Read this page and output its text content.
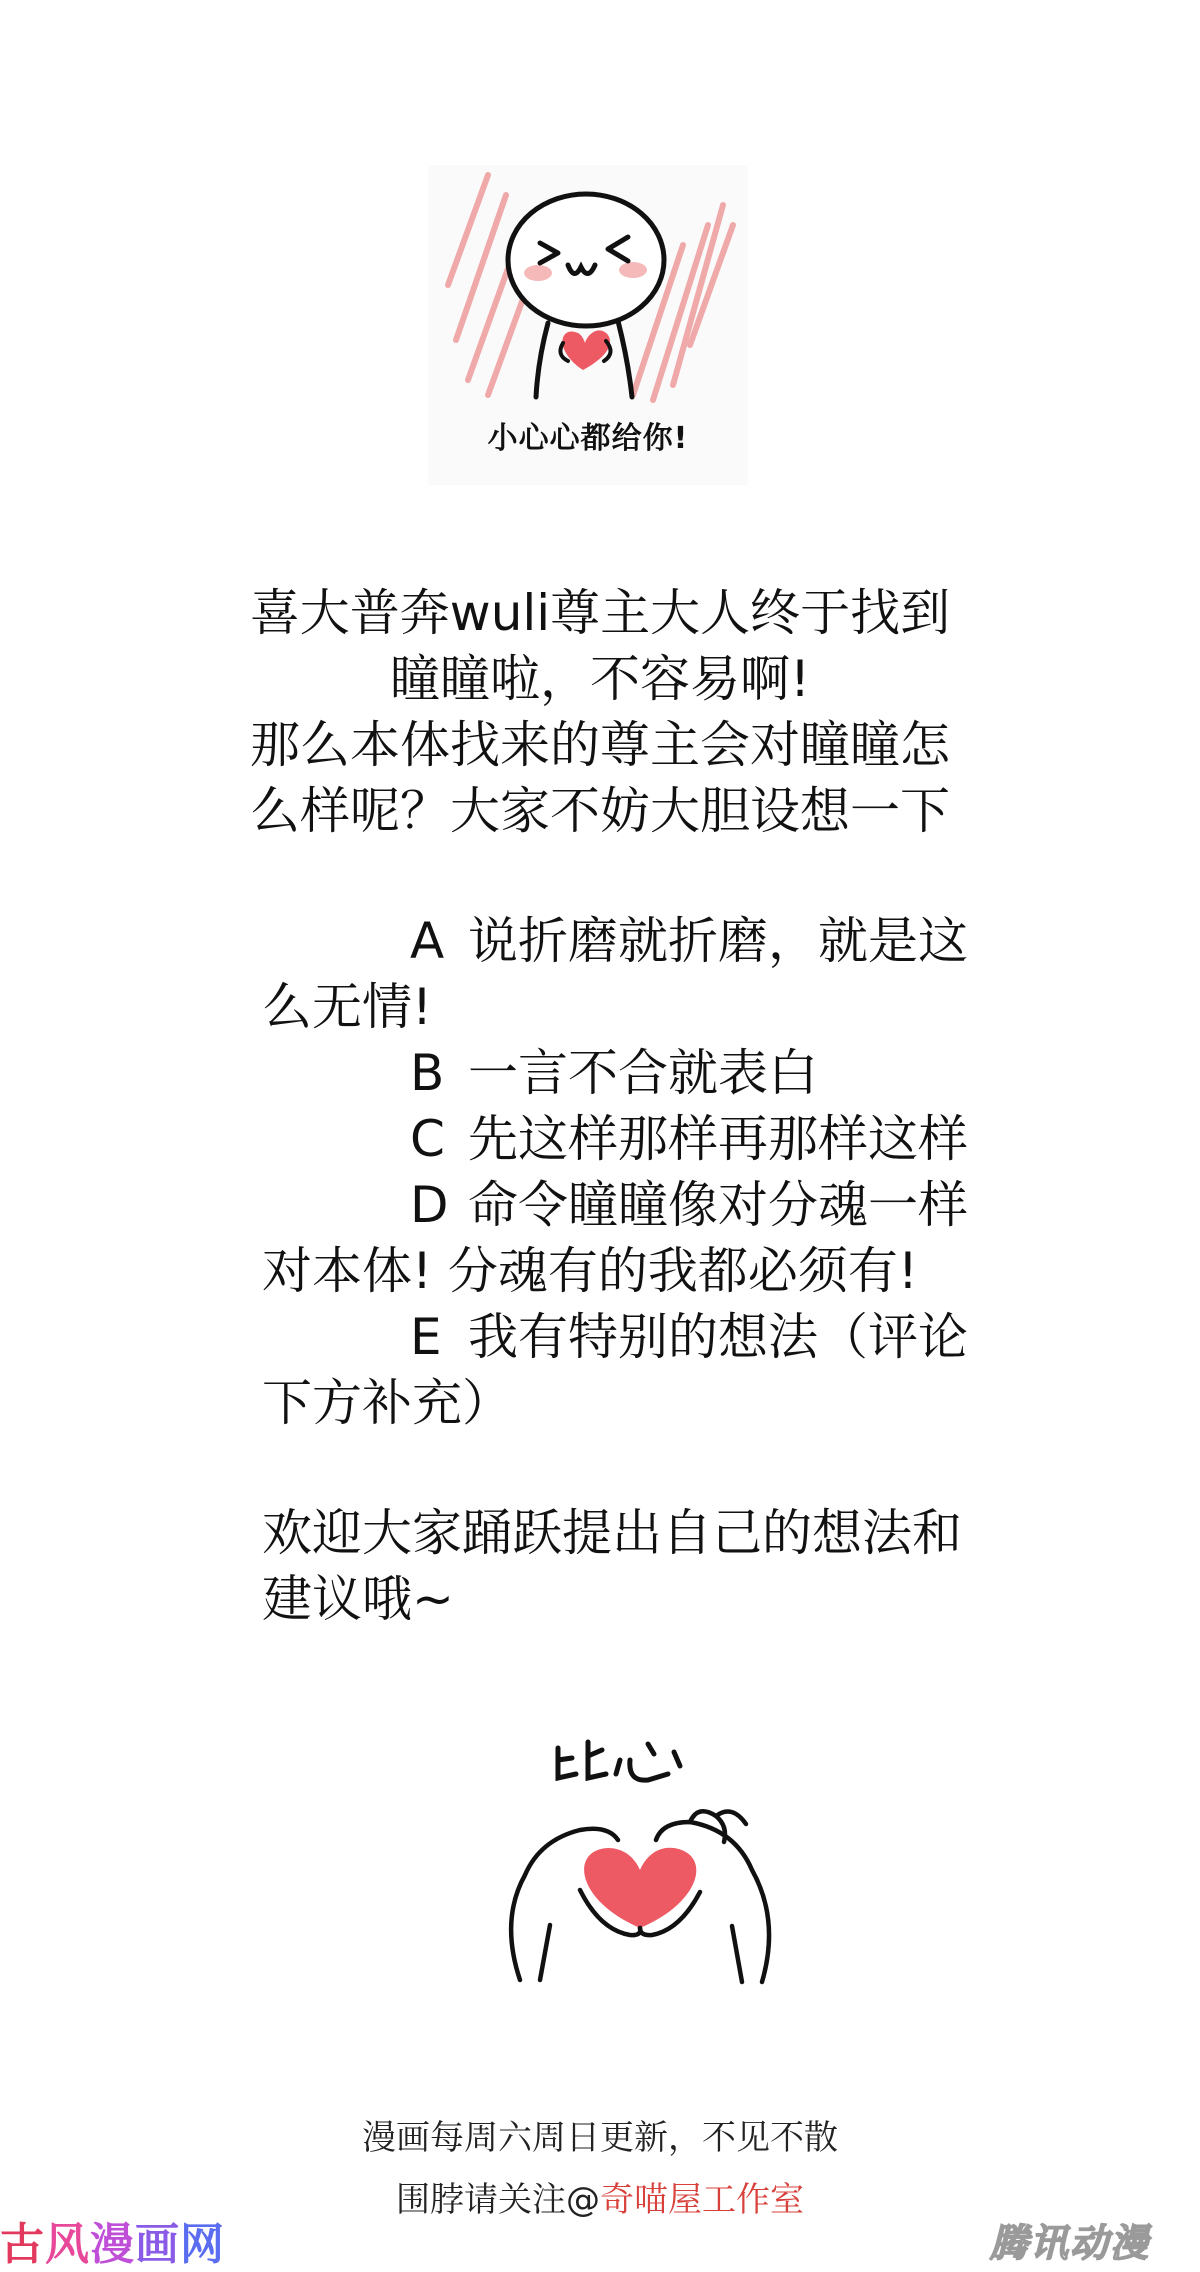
小心心都给你!
喜大普奔wuli尊主大人终于找到
瞳瞳啦，不容易啊!
那么本体找来的尊主会对瞳瞳怎
么样呢？大家不妨大胆设想一下
A 说折磨就折磨，就是这
么无情!
B 一言不合就表白
C 先这样那样再那样这样
D 命令瞳瞳像对分魂一样
对本体! 分魂有的我都必须有!
E 我有特别的想法（评论
下方补充）
欢迎大家踊跃提出自己的想法和
建议哦~
漫画每周六周日更新，不见不散
围脖请关注@奇喵屋工作室
古风漫画网	腾讯动漫
